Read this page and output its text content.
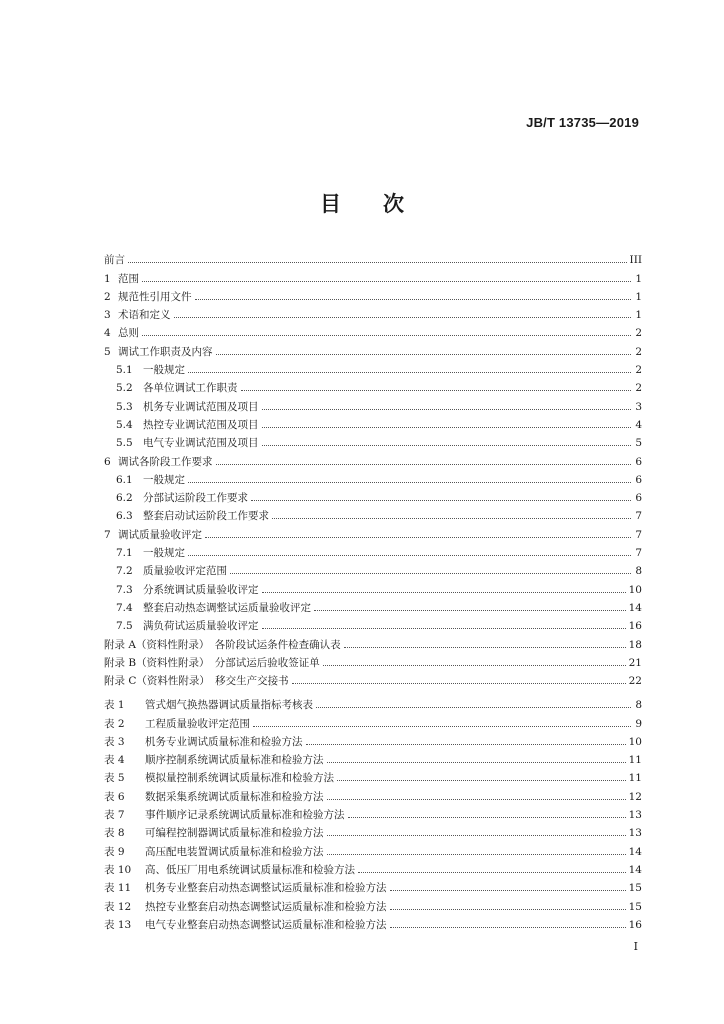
JB/T 13735—2019
目 次
前言	III
1 范围	1
2 规范性引用文件	1
3 术语和定义	1
4 总则	2
5 调试工作职责及内容	2
5.1 一般规定	2
5.2 各单位调试工作职责	2
5.3 机务专业调试范围及项目	3
5.4 热控专业调试范围及项目	4
5.5 电气专业调试范围及项目	5
6 调试各阶段工作要求	6
6.1 一般规定	6
6.2 分部试运阶段工作要求	6
6.3 整套启动试运阶段工作要求	7
7 调试质量验收评定	7
7.1 一般规定	7
7.2 质量验收评定范围	8
7.3 分系统调试质量验收评定	10
7.4 整套启动热态调整试运质量验收评定	14
7.5 满负荷试运质量验收评定	16
附录 A （资料性附录）　各阶段试运条件检查确认表	18
附录 B （资料性附录）　分部试运后验收签证单	21
附录 C （资料性附录）　移交生产交接书	22
表 1	管式烟气换热器调试质量指标考核表	8
表 2	工程质量验收评定范围	9
表 3	机务专业调试质量标准和检验方法	10
表 4	顺序控制系统调试质量标准和检验方法	11
表 5	模拟量控制系统调试质量标准和检验方法	11
表 6	数据采集系统调试质量标准和检验方法	12
表 7	事件顺序记录系统调试质量标准和检验方法	13
表 8	可编程控制器调试质量标准和检验方法	13
表 9	高压配电装置调试质量标准和检验方法	14
表 10	高、低压厂用电系统调试质量标准和检验方法	14
表 11	机务专业整套启动热态调整试运质量标准和检验方法	15
表 12	热控专业整套启动热态调整试运质量标准和检验方法	15
表 13	电气专业整套启动热态调整试运质量标准和检验方法	16
I
